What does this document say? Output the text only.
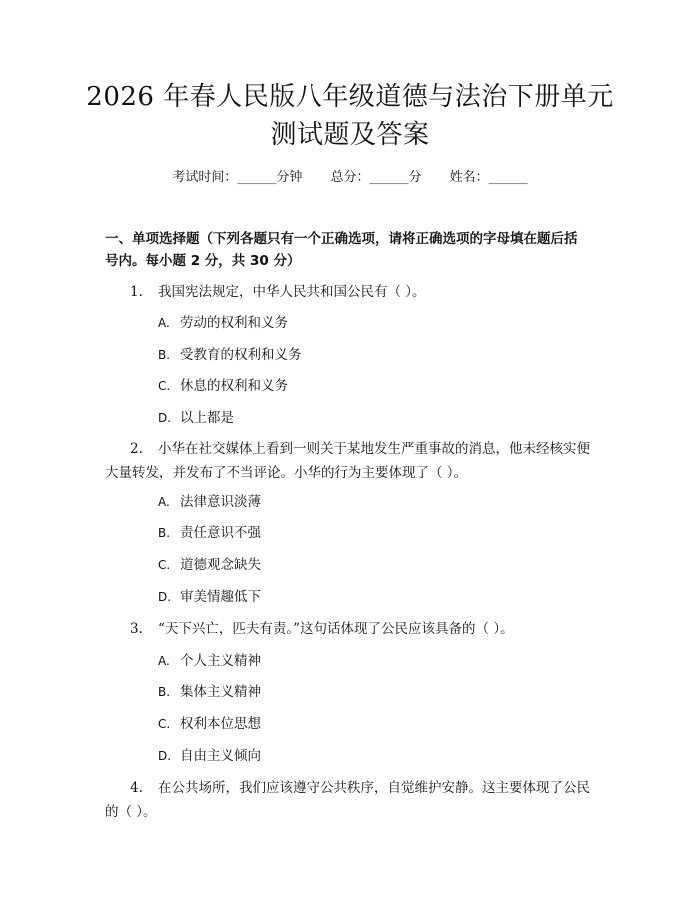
2026 年春人民版八年级道德与法治下册单元
测试题及答案
考试时间：______分钟 总分：______分 姓名：______
一、单项选择题（下列各题只有一个正确选项，请将正确选项的字母填在题后括
号内。每小题 2 分，共 30 分）
1. 我国宪法规定，中华人民共和国公民有（ ）。
A. 劳动的权利和义务
B. 受教育的权利和义务
C. 休息的权利和义务
D. 以上都是
2. 小华在社交媒体上看到一则关于某地发生严重事故的消息，他未经核实便
大量转发，并发布了不当评论。小华的行为主要体现了（ ）。
A. 法律意识淡薄
B. 责任意识不强
C. 道德观念缺失
D. 审美情趣低下
3. “天下兴亡，匹夫有责。”这句话体现了公民应该具备的（ ）。
A. 个人主义精神
B. 集体主义精神
C. 权利本位思想
D. 自由主义倾向
4. 在公共场所，我们应该遵守公共秩序，自觉维护安静。这主要体现了公民
的（ ）。
